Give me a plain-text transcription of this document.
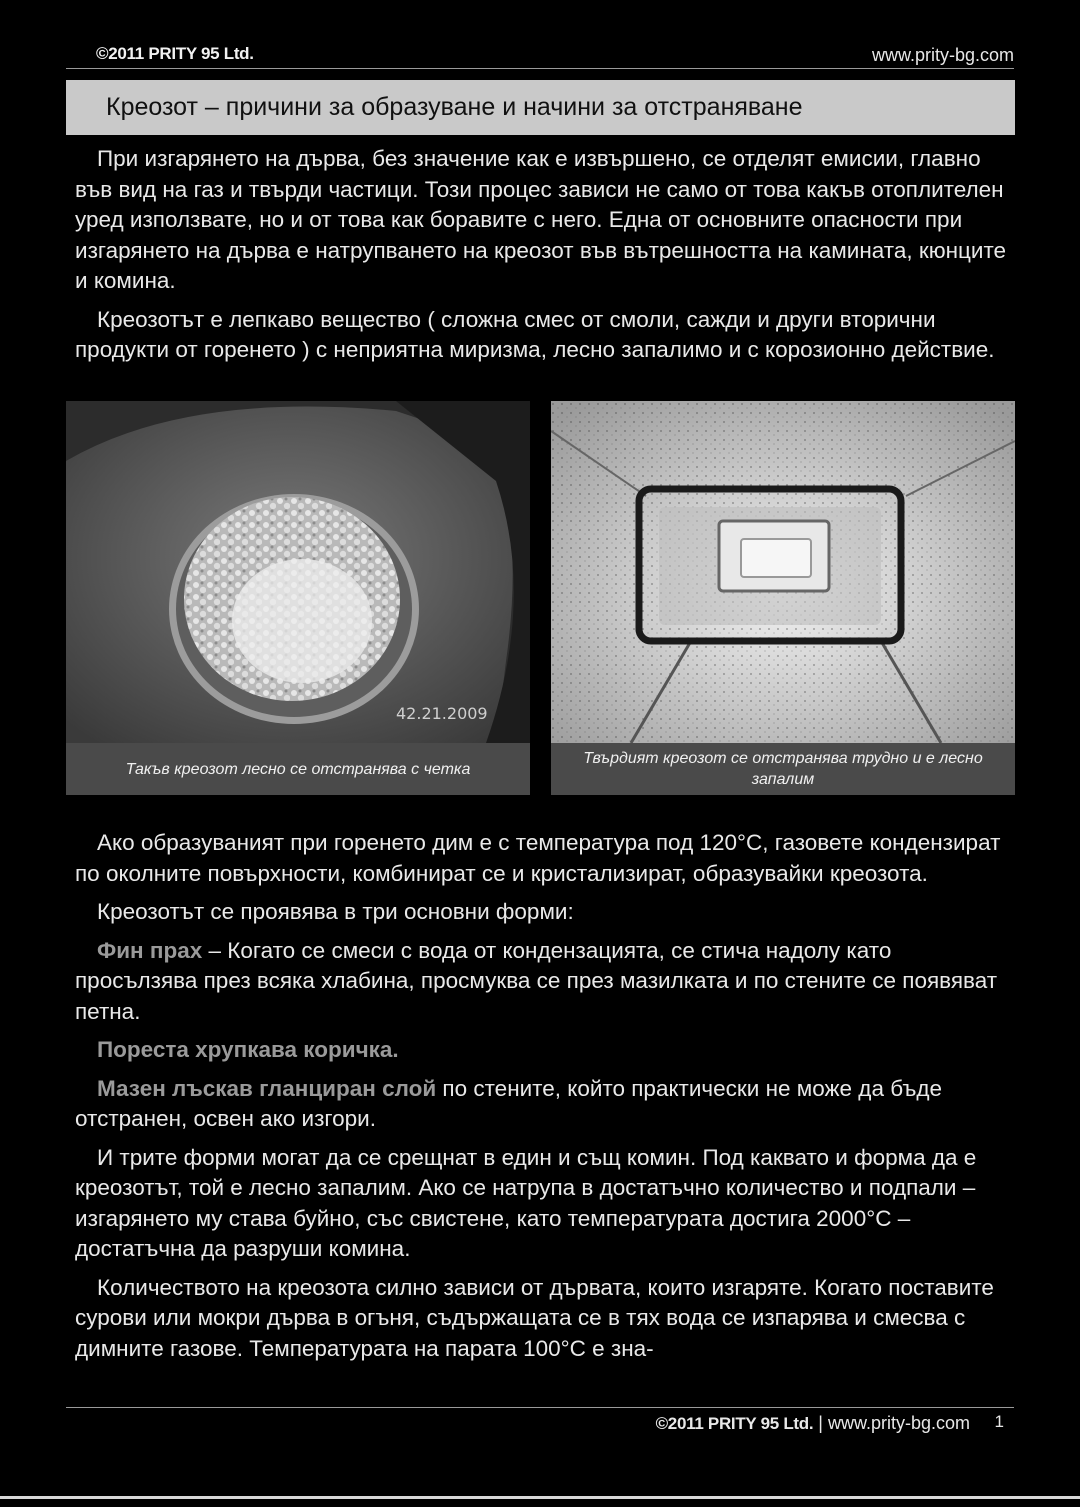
©2011 PRITY 95 Ltd.	www.prity-bg.com
Креозот – причини за образуване и начини за отстраняване

При изгарянето на дърва, без значение как е извършено, се отделят емисии, главно във вид на газ и твърди частици. Този процес зависи не само от това какъв отоплителен уред използвате, но и от това как боравите с него. Една от основните опасности при изгарянето на дърва е натрупването на креозот във вътрешността на камината, кюнците и комина.

Креозотът е лепкаво вещество ( сложна смес от смоли, сажди и други вторични продукти от горенето ) с неприятна миризма, лесно запалимо и с корозионно действие.

42.21.2009
Такъв креозот лесно се отстранява с четка
Твърдият креозот се отстранява трудно и е лесно запалим

Ако образуваният при горенето дим е с температура под 120°C, газовете кондензират по околните повърхности, комбинират се и кристализират, образувайки креозота.

Креозотът се проявява в три основни форми:

Фин прах – Когато се смеси с вода от кондензацията, се стича надолу като просълзява през всяка хлабина, просмуква се през мазилката и по стените се появяват петна.

Пореста хрупкава коричка.

Мазен лъскав гланциран слой по стените, който практически не може да бъде отстранен, освен ако изгори.

И трите форми могат да се срещнат в един и същ комин. Под каквато и форма да е креозотът, той е лесно запалим. Ако се натрупа в достатъчно количество и подпали – изгарянето му става буйно, със свистене, като температурата достига 2000°C – достатъчна да разруши комина.

Количеството на креозота силно зависи от дървата, които изгаряте. Когато поставите сурови или мокри дърва в огъня, съдържащата се в тях вода се изпарява и смесва с димните газове. Температурата на парата 100°C е зна-

©2011 PRITY 95 Ltd. | www.prity-bg.com 1
